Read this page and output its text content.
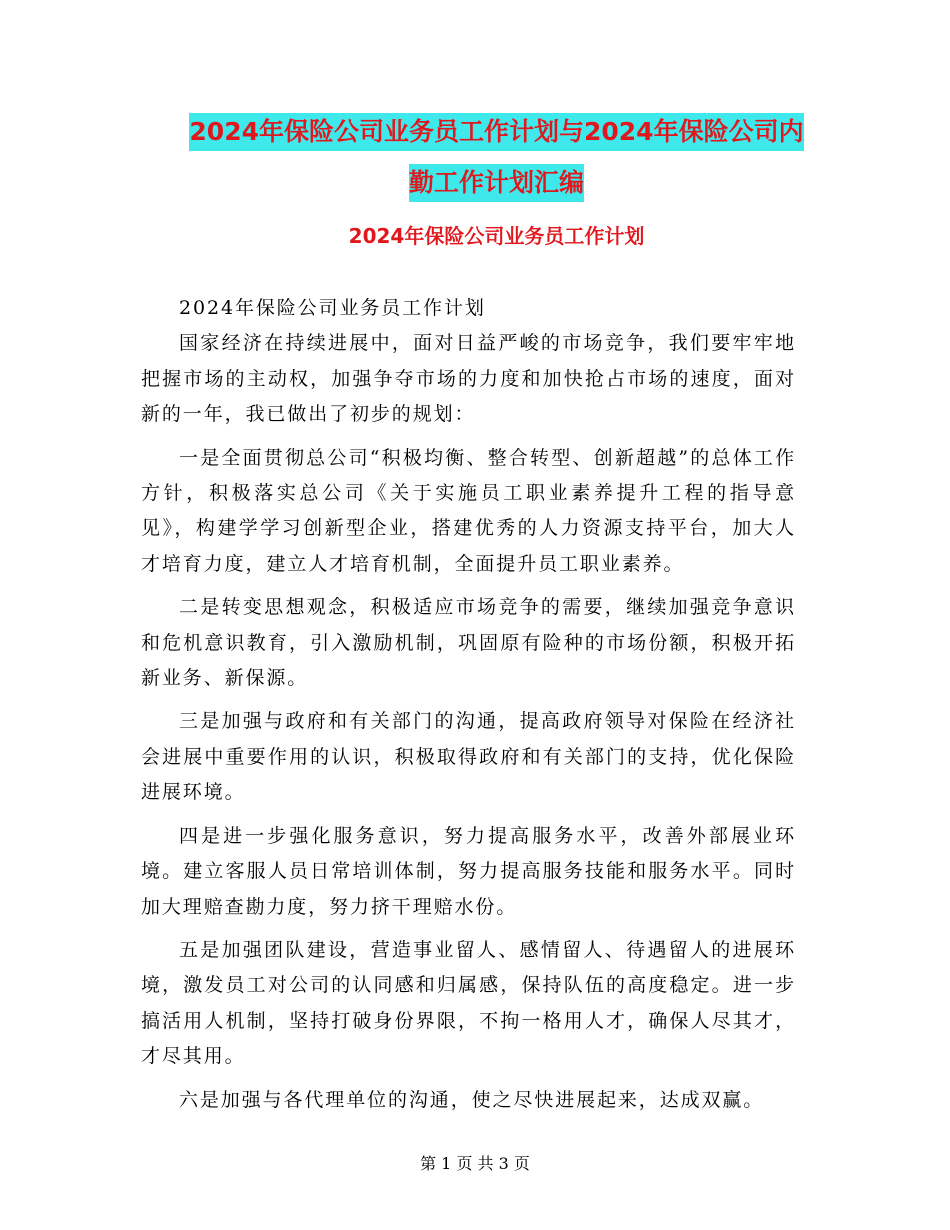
2024年保险公司业务员工作计划与2024年保险公司内
勤工作计划汇编
2024年保险公司业务员工作计划

2024年保险公司业务员工作计划

国家经济在持续进展中，面对日益严峻的市场竞争，我们要牢牢地把握市场的主动权，加强争夺市场的力度和加快抢占市场的速度，面对新的一年，我已做出了初步的规划：

一是全面贯彻总公司“积极均衡、整合转型、创新超越”的总体工作方针，积极落实总公司《关于实施员工职业素养提升工程的指导意见》，构建学学习创新型企业，搭建优秀的人力资源支持平台，加大人才培育力度，建立人才培育机制，全面提升员工职业素养。

二是转变思想观念，积极适应市场竞争的需要，继续加强竞争意识和危机意识教育，引入激励机制，巩固原有险种的市场份额，积极开拓新业务、新保源。

三是加强与政府和有关部门的沟通，提高政府领导对保险在经济社会进展中重要作用的认识，积极取得政府和有关部门的支持，优化保险进展环境。

四是进一步强化服务意识，努力提高服务水平，改善外部展业环境。建立客服人员日常培训体制，努力提高服务技能和服务水平。同时加大理赔查勘力度，努力挤干理赔水份。

五是加强团队建设，营造事业留人、感情留人、待遇留人的进展环境，激发员工对公司的认同感和归属感，保持队伍的高度稳定。进一步搞活用人机制，坚持打破身份界限，不拘一格用人才，确保人尽其才，才尽其用。

六是加强与各代理单位的沟通，使之尽快进展起来，达成双赢。

第 1 页 共 3 页
